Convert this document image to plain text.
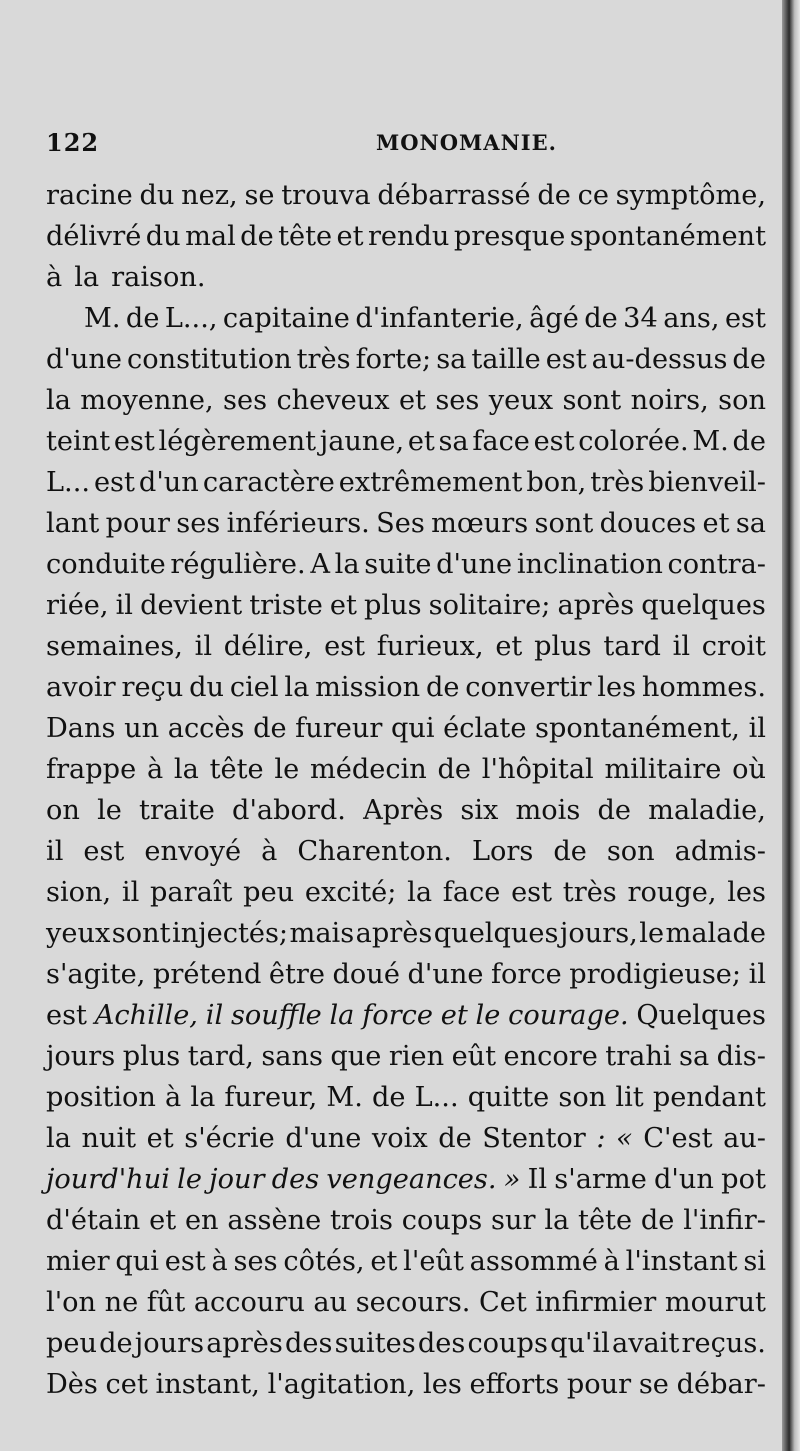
122	MONOMANIE.
racine du nez, se trouva débarrassé de ce symptôme,
délivré du mal de tête et rendu presque spontanément
à la raison.
M. de L..., capitaine d'infanterie, âgé de 34 ans, est
d'une constitution très forte; sa taille est au-dessus de
la moyenne, ses cheveux et ses yeux sont noirs, son
teint est légèrement jaune, et sa face est colorée. M. de
L... est d'un caractère extrêmement bon, très bienveil-
lant pour ses inférieurs. Ses mœurs sont douces et sa
conduite régulière. A la suite d'une inclination contra-
riée, il devient triste et plus solitaire; après quelques
semaines, il délire, est furieux, et plus tard il croit
avoir reçu du ciel la mission de convertir les hommes.
Dans un accès de fureur qui éclate spontanément, il
frappe à la tête le médecin de l'hôpital militaire où
on le traite d'abord. Après six mois de maladie,
il est envoyé à Charenton. Lors de son admis-
sion, il paraît peu excité; la face est très rouge, les
yeux sont injectés; mais après quelques jours, le malade
s'agite, prétend être doué d'une force prodigieuse; il
est Achille, il souffle la force et le courage. Quelques
jours plus tard, sans que rien eût encore trahi sa dis-
position à la fureur, M. de L... quitte son lit pendant
la nuit et s'écrie d'une voix de Stentor : « C'est au-
jourd'hui le jour des vengeances. » Il s'arme d'un pot
d'étain et en assène trois coups sur la tête de l'infir-
mier qui est à ses côtés, et l'eût assommé à l'instant si
l'on ne fût accouru au secours. Cet infirmier mourut
peu de jours après des suites des coups qu'il avait reçus.
Dès cet instant, l'agitation, les efforts pour se débar-
